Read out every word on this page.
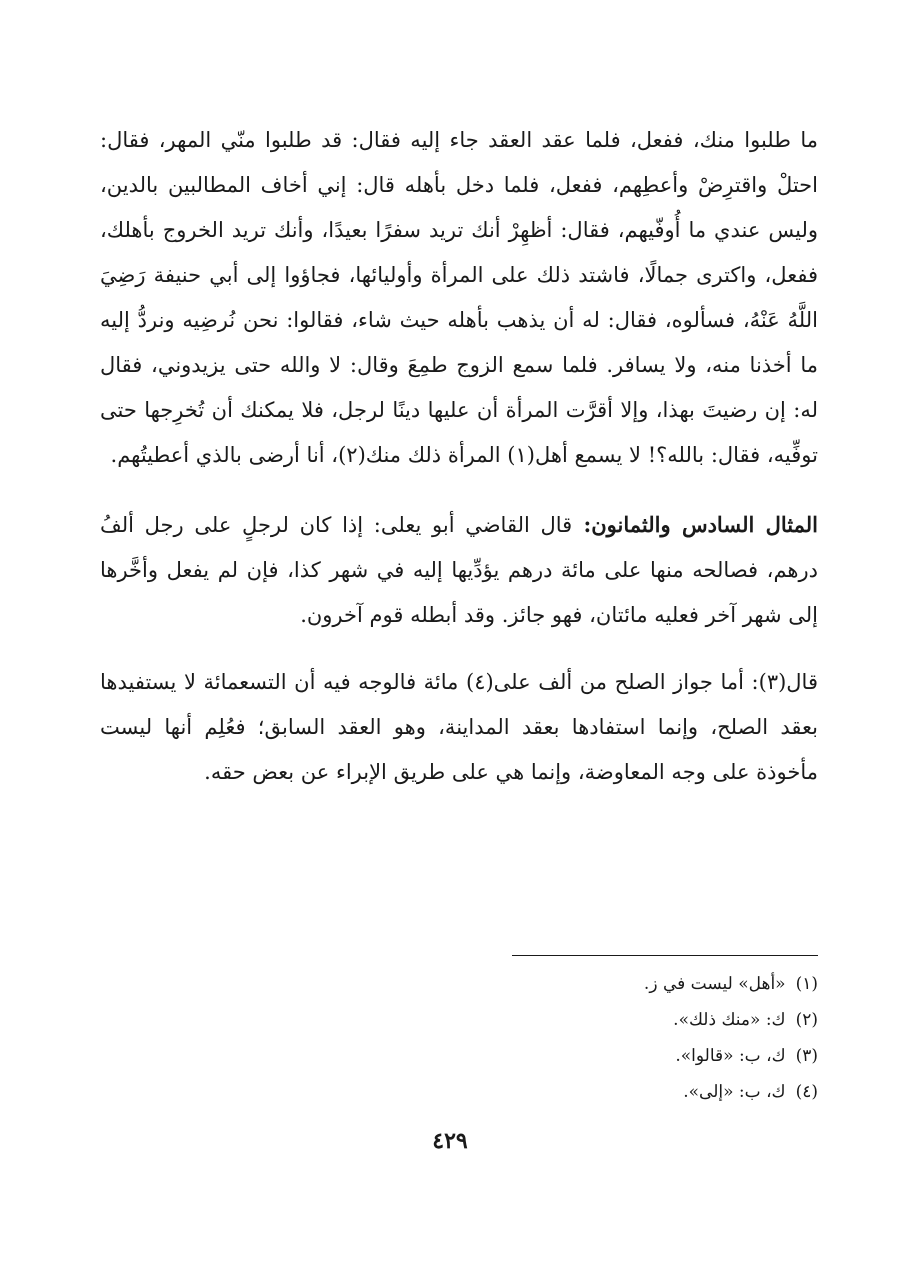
ما طلبوا منك، ففعل، فلما عقد العقد جاء إليه فقال: قد طلبوا منّي المهر، فقال: احتلْ واقترِضْ وأعطِهم، ففعل، فلما دخل بأهله قال: إني أخاف المطالبين بالدين، وليس عندي ما أُوفّيهم، فقال: أظهِرْ أنك تريد سفرًا بعيدًا، وأنك تريد الخروج بأهلك، ففعل، واكترى جمالًا، فاشتد ذلك على المرأة وأوليائها، فجاؤوا إلى أبي حنيفة رَضِيَ اللَّهُ عَنْهُ، فسألوه، فقال: له أن يذهب بأهله حيث شاء، فقالوا: نحن نُرضِيه ونردُّ إليه ما أخذنا منه، ولا يسافر. فلما سمع الزوج طمِعَ وقال: لا والله حتى يزيدوني، فقال له: إن رضيتَ بهذا، وإلا أقرَّت المرأة أن عليها دينًا لرجل، فلا يمكنك أن تُخرِجها حتى توفِّيه، فقال: بالله؟! لا يسمع أهل(١) المرأة ذلك منك(٢)، أنا أرضى بالذي أعطيتُهم.

المثال السادس والثمانون: قال القاضي أبو يعلى: إذا كان لرجلٍ على رجل ألفُ درهم، فصالحه منها على مائة درهم يؤدِّيها إليه في شهر كذا، فإن لم يفعل وأخَّرها إلى شهر آخر فعليه مائتان، فهو جائز. وقد أبطله قوم آخرون.

قال(٣): أما جواز الصلح من ألف على(٤) مائة فالوجه فيه أن التسعمائة لا يستفيدها بعقد الصلح، وإنما استفادها بعقد المداينة، وهو العقد السابق؛ فعُلِم أنها ليست مأخوذة على وجه المعاوضة، وإنما هي على طريق الإبراء عن بعض حقه.

(١)«أهل» ليست في ز.
(٢)ك: «منك ذلك».
(٣)ك، ب: «قالوا».
(٤)ك، ب: «إلى».
٤٢٩
